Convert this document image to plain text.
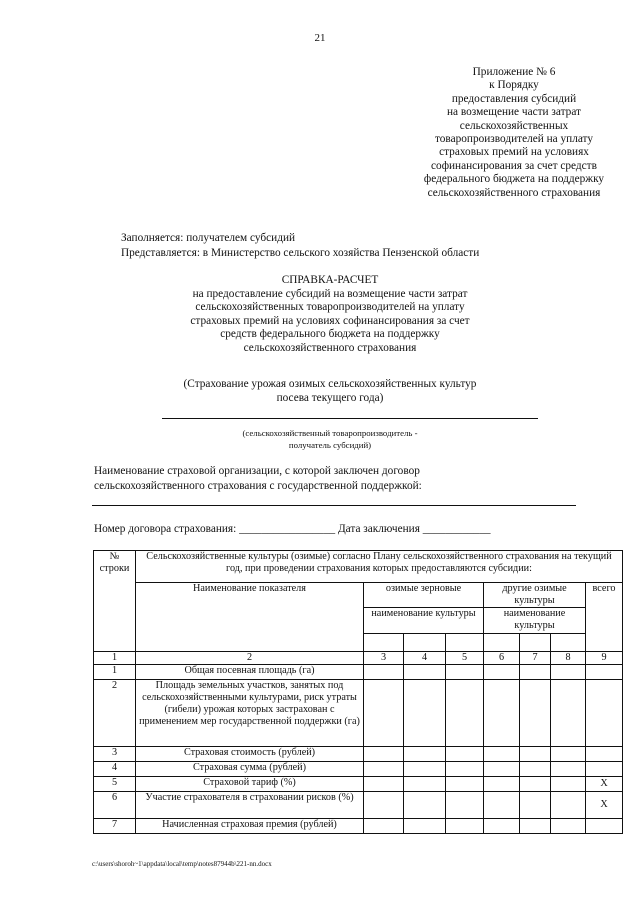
21
Приложение № 6
к Порядку
предоставления субсидий
на возмещение части затрат
сельскохозяйственных
товаропроизводителей на уплату
страховых премий на условиях
софинансирования за счет средств
федерального бюджета на поддержку
сельскохозяйственного страхования
Заполняется: получателем субсидий
Представляется: в Министерство сельского хозяйства Пензенской области
СПРАВКА-РАСЧЕТ
на предоставление субсидий на возмещение части затрат
сельскохозяйственных товаропроизводителей на уплату
страховых премий на условиях софинансирования за счет
средств федерального бюджета на поддержку
сельскохозяйственного страхования
(Страхование урожая озимых сельскохозяйственных культур
посева текущего года)
(сельскохозяйственный товаропроизводитель -
получатель субсидий)
Наименование страховой организации, с которой заключен договор
сельскохозяйственного страхования с государственной поддержкой:
Номер договора страхования: _________________ Дата заключения ____________
№ строки	Сельскохозяйственные культуры (озимые) согласно Плану сельскохозяйственного страхования на текущий год, при проведении страхования которых предоставляются субсидии:							
	Наименование показателя	озимые зерновые			другие озимые культуры			всего
		наименование культуры			наименование культуры			

1	2	3	4	5	6	7	8	9
1	Общая посевная площадь (га)							
2	Площадь земельных участков, занятых под сельскохозяйственными культурами, риск утраты (гибели) урожая которых застрахован с применением мер государственной поддержки (га)							
3	Страховая стоимость (рублей)							
4	Страховая сумма (рублей)							
5	Страховой тариф (%)							X
6	Участие страхователя в страховании рисков (%)							X
7	Начисленная страховая премия (рублей)							
c:\users\shoroh~1\appdata\local\temp\notes87944b\221-nn.docx
